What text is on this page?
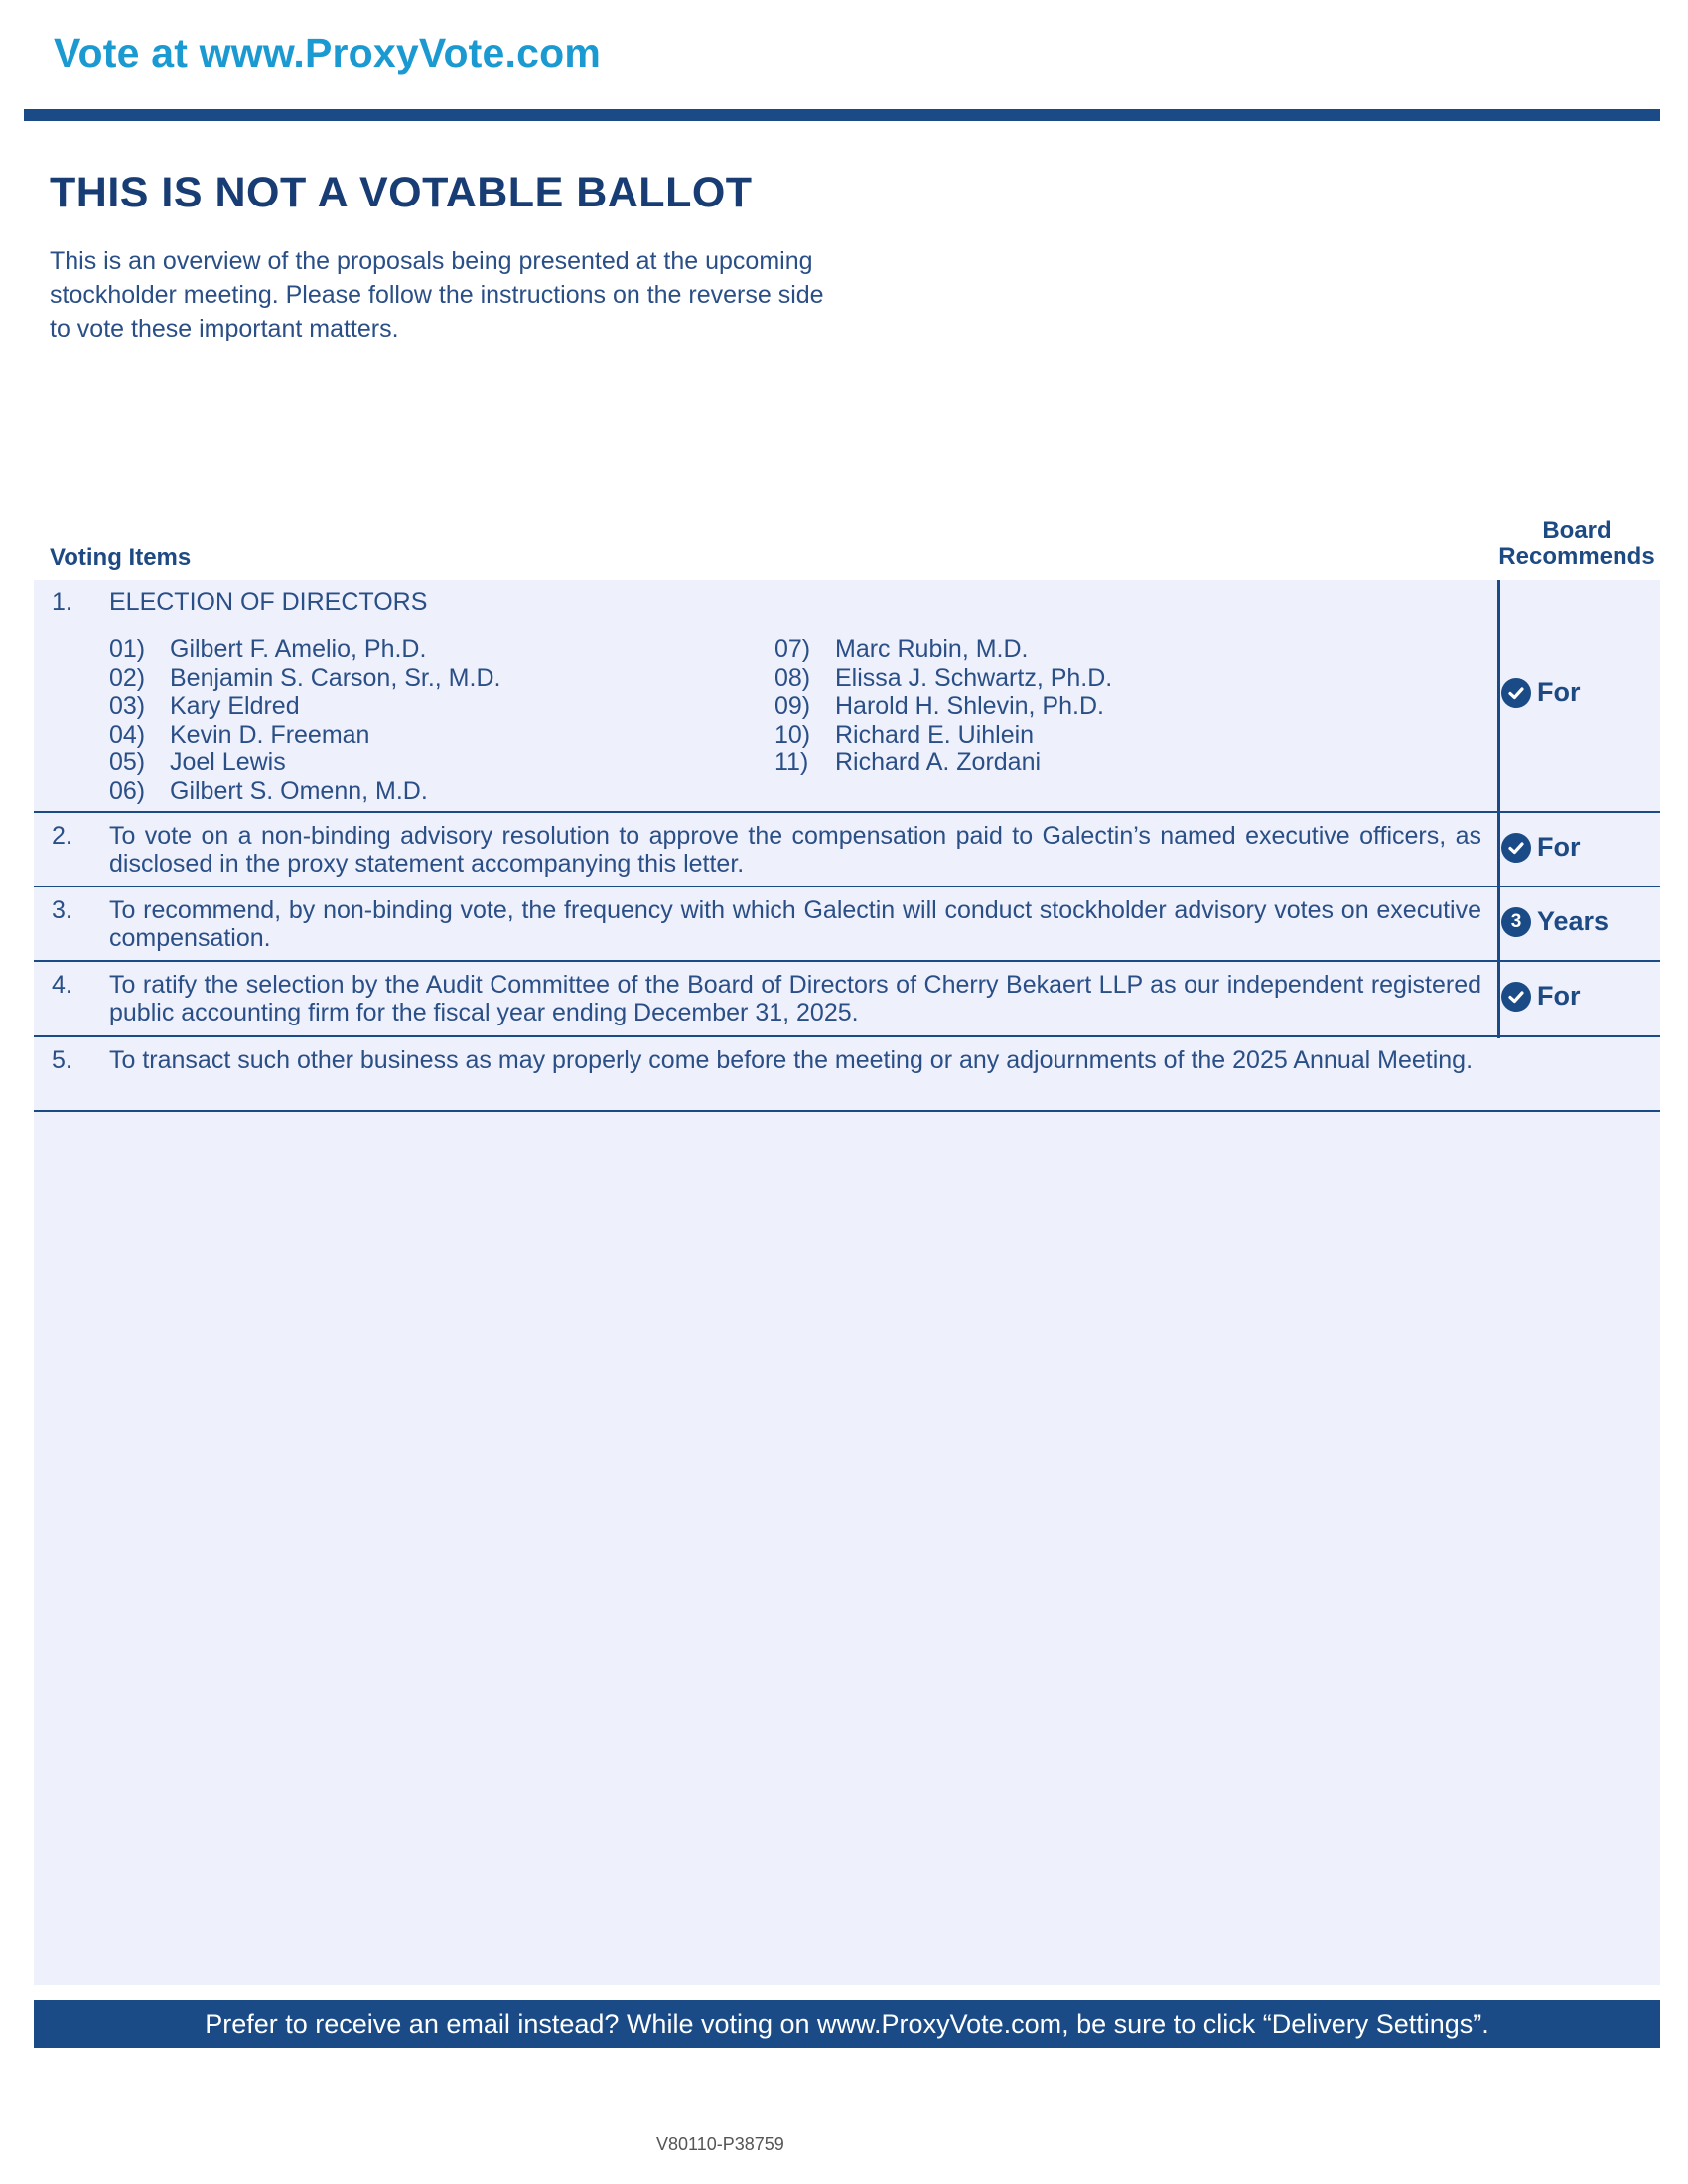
Vote at www.ProxyVote.com
THIS IS NOT A VOTABLE BALLOT
This is an overview of the proposals being presented at the upcoming stockholder meeting. Please follow the instructions on the reverse side to vote these important matters.
Voting Items
Board
Recommends
1. ELECTION OF DIRECTORS
01) Gilbert F. Amelio, Ph.D.
02) Benjamin S. Carson, Sr., M.D.
03) Kary Eldred
04) Kevin D. Freeman
05) Joel Lewis
06) Gilbert S. Omenn, M.D.
07) Marc Rubin, M.D.
08) Elissa J. Schwartz, Ph.D.
09) Harold H. Shlevin, Ph.D.
10) Richard E. Uihlein
11)	Richard A. Zordani
For
2. To vote on a non-binding advisory resolution to approve the compensation paid to Galectin’s named executive officers, as disclosed in the proxy statement accompanying this letter.
For
3. To recommend, by non-binding vote, the frequency with which Galectin will conduct stockholder advisory votes on executive compensation.
3 Years
4. To ratify the selection by the Audit Committee of the Board of Directors of Cherry Bekaert LLP as our independent registered public accounting firm for the fiscal year ending December 31, 2025.
For
5. To transact such other business as may properly come before the meeting or any adjournments of the 2025 Annual Meeting.
Prefer to receive an email instead? While voting on www.ProxyVote.com, be sure to click “Delivery Settings”.
V80110-P38759
